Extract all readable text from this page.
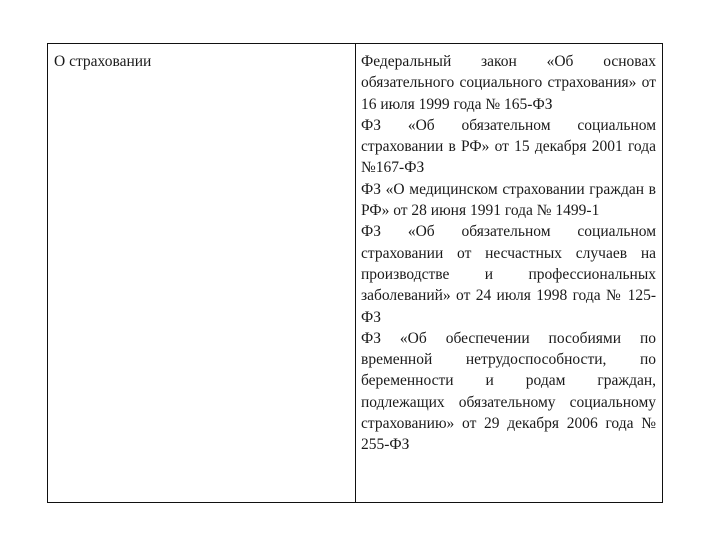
О страховании	Федеральный закон «Об основах обязательного социального страхования» от 16 июля 1999 года № 165-ФЗ

ФЗ «Об обязательном социальном страховании в РФ» от 15 декабря 2001 года №167-ФЗ

ФЗ «О медицинском страховании граждан в РФ» от 28 июня 1991 года № 1499-1

ФЗ «Об обязательном социальном страховании от несчастных случаев на производстве и профессиональных заболеваний» от 24 июля 1998 года № 125-ФЗ

ФЗ «Об обеспечении пособиями по временной нетрудоспособности, по беременности и родам граждан, подлежащих обязательному социальному страхованию» от 29 декабря 2006 года № 255-ФЗ
